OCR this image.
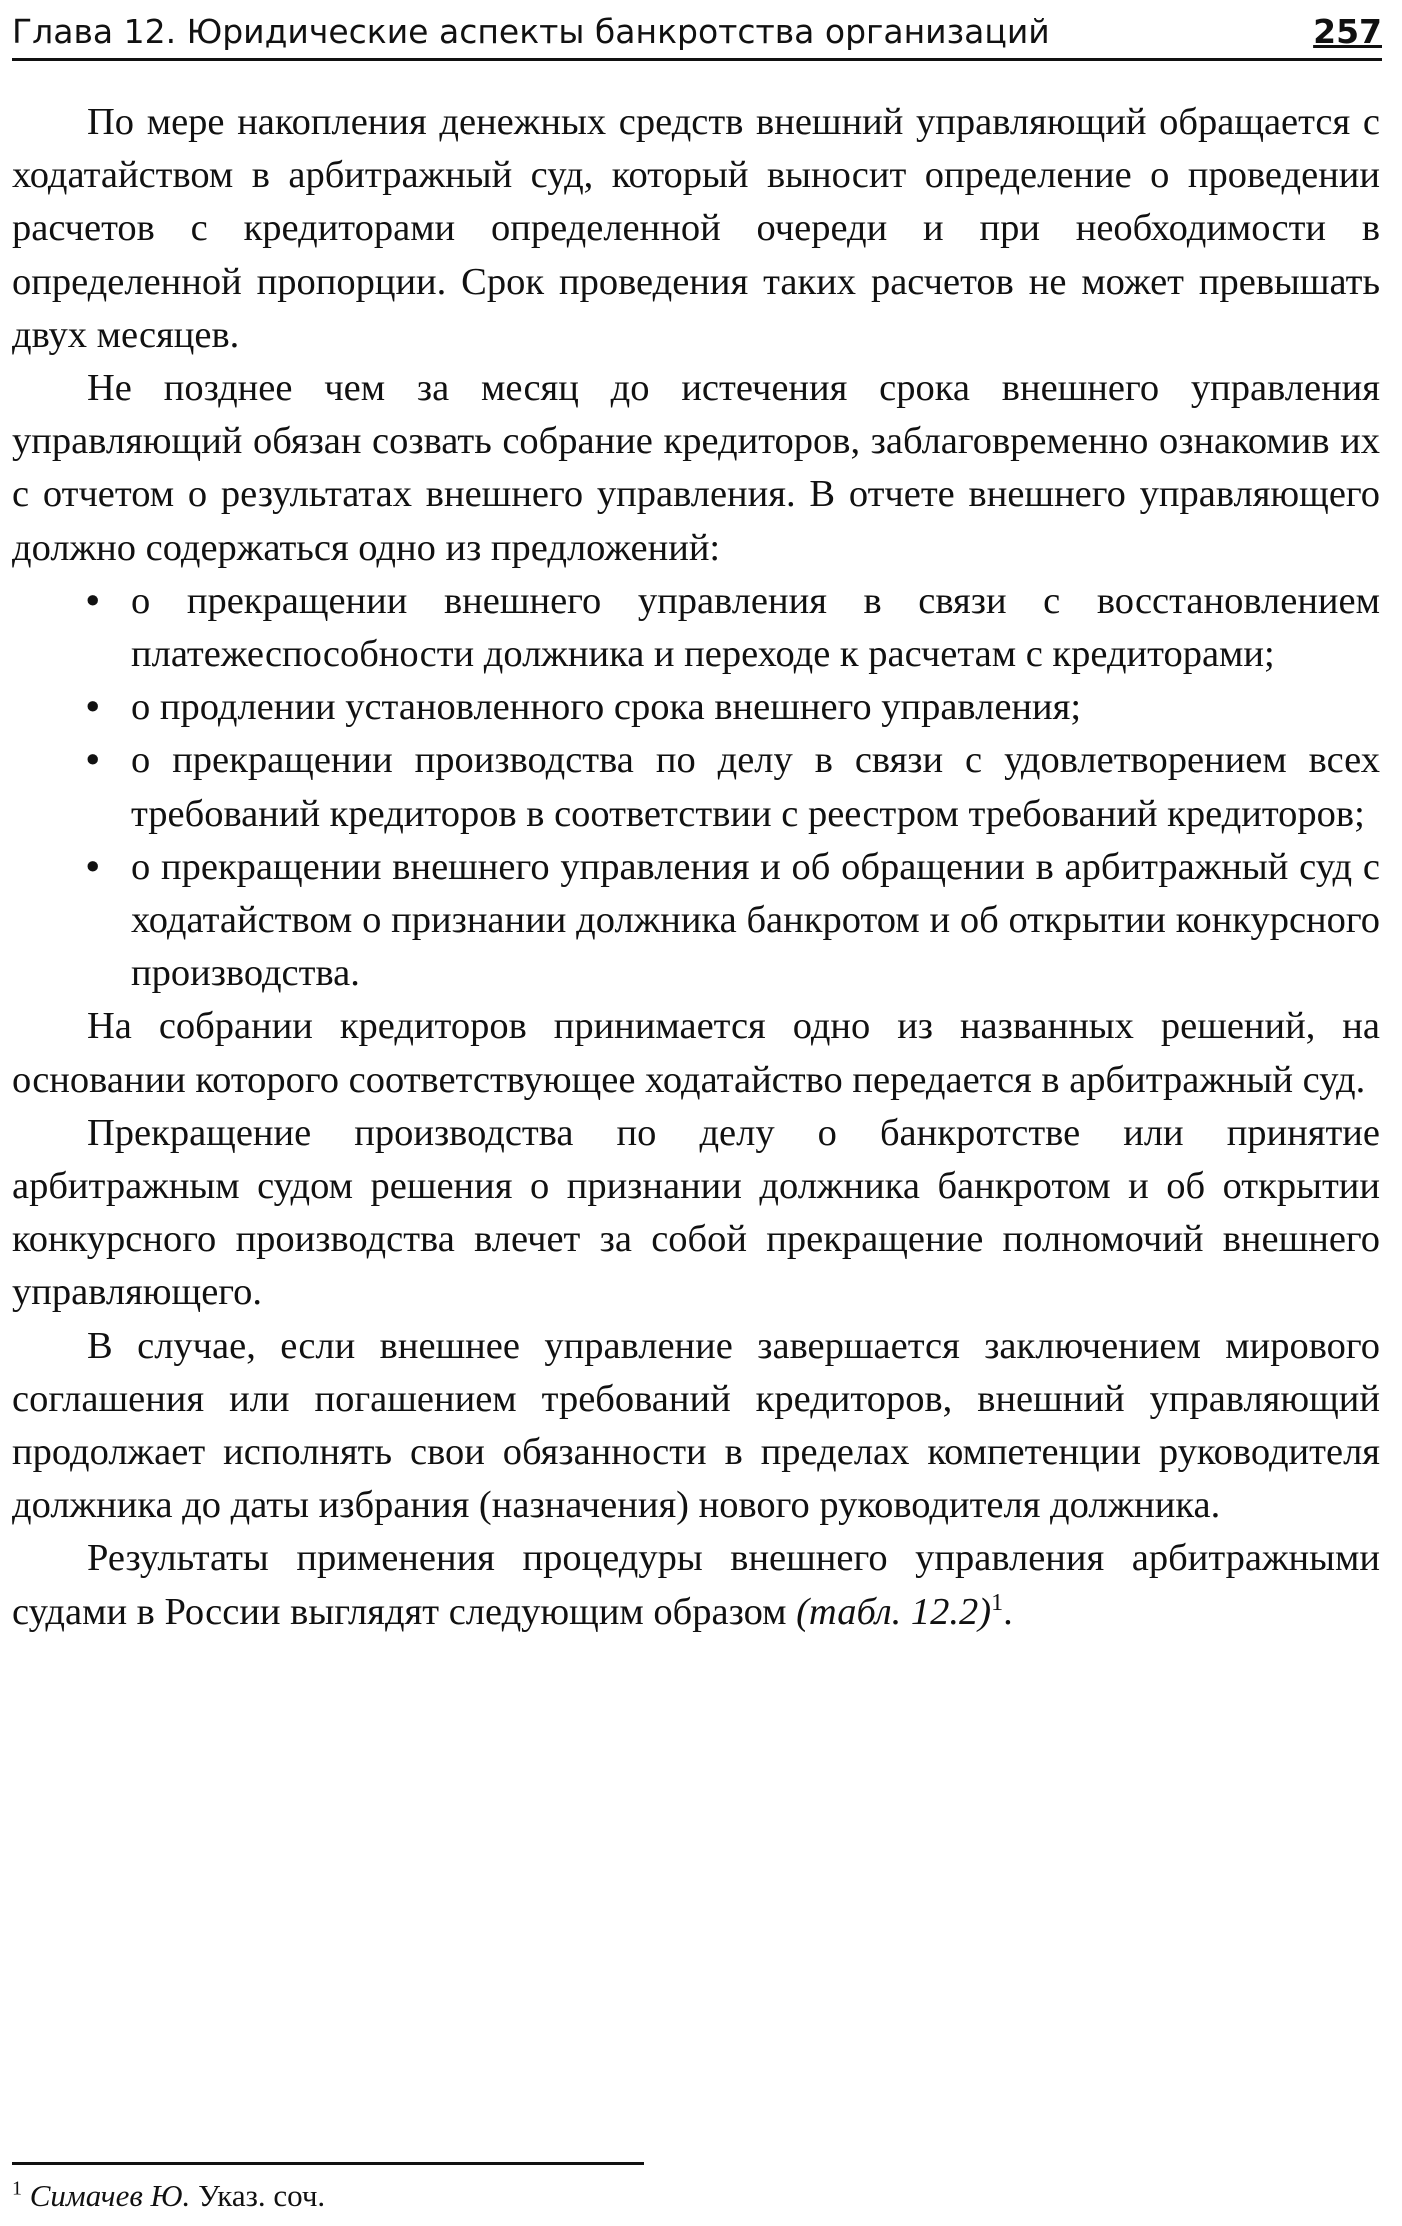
Глава 12. Юридические аспекты банкротства организаций	257

По мере накопления денежных средств внешний управляющий обращается с ходатайством в арбитражный суд, который выносит определение о проведении расчетов с кредиторами определенной очереди и при необходимости в определенной пропорции. Срок проведения таких расчетов не может превышать двух месяцев.

Не позднее чем за месяц до истечения срока внешнего управления управляющий обязан созвать собрание кредиторов, заблаговременно ознакомив их с отчетом о результатах внешнего управления. В отчете внешнего управляющего должно содержаться одно из предложений:

• о прекращении внешнего управления в связи с восстановлением платежеспособности должника и переходе к расчетам с кредиторами;
• о продлении установленного срока внешнего управления;
• о прекращении производства по делу в связи с удовлетворением всех требований кредиторов в соответствии с реестром требований кредиторов;
• о прекращении внешнего управления и об обращении в арбитражный суд с ходатайством о признании должника банкротом и об открытии конкурсного производства.

На собрании кредиторов принимается одно из названных решений, на основании которого соответствующее ходатайство передается в арбитражный суд.

Прекращение производства по делу о банкротстве или принятие арбитражным судом решения о признании должника банкротом и об открытии конкурсного производства влечет за собой прекращение полномочий внешнего управляющего.

В случае, если внешнее управление завершается заключением мирового соглашения или погашением требований кредиторов, внешний управляющий продолжает исполнять свои обязанности в пределах компетенции руководителя должника до даты избрания (назначения) нового руководителя должника.

Результаты применения процедуры внешнего управления арбитражными судами в России выглядят следующим образом (табл. 12.2)$^1$.

$^1$ Симачев Ю. Указ. соч.
